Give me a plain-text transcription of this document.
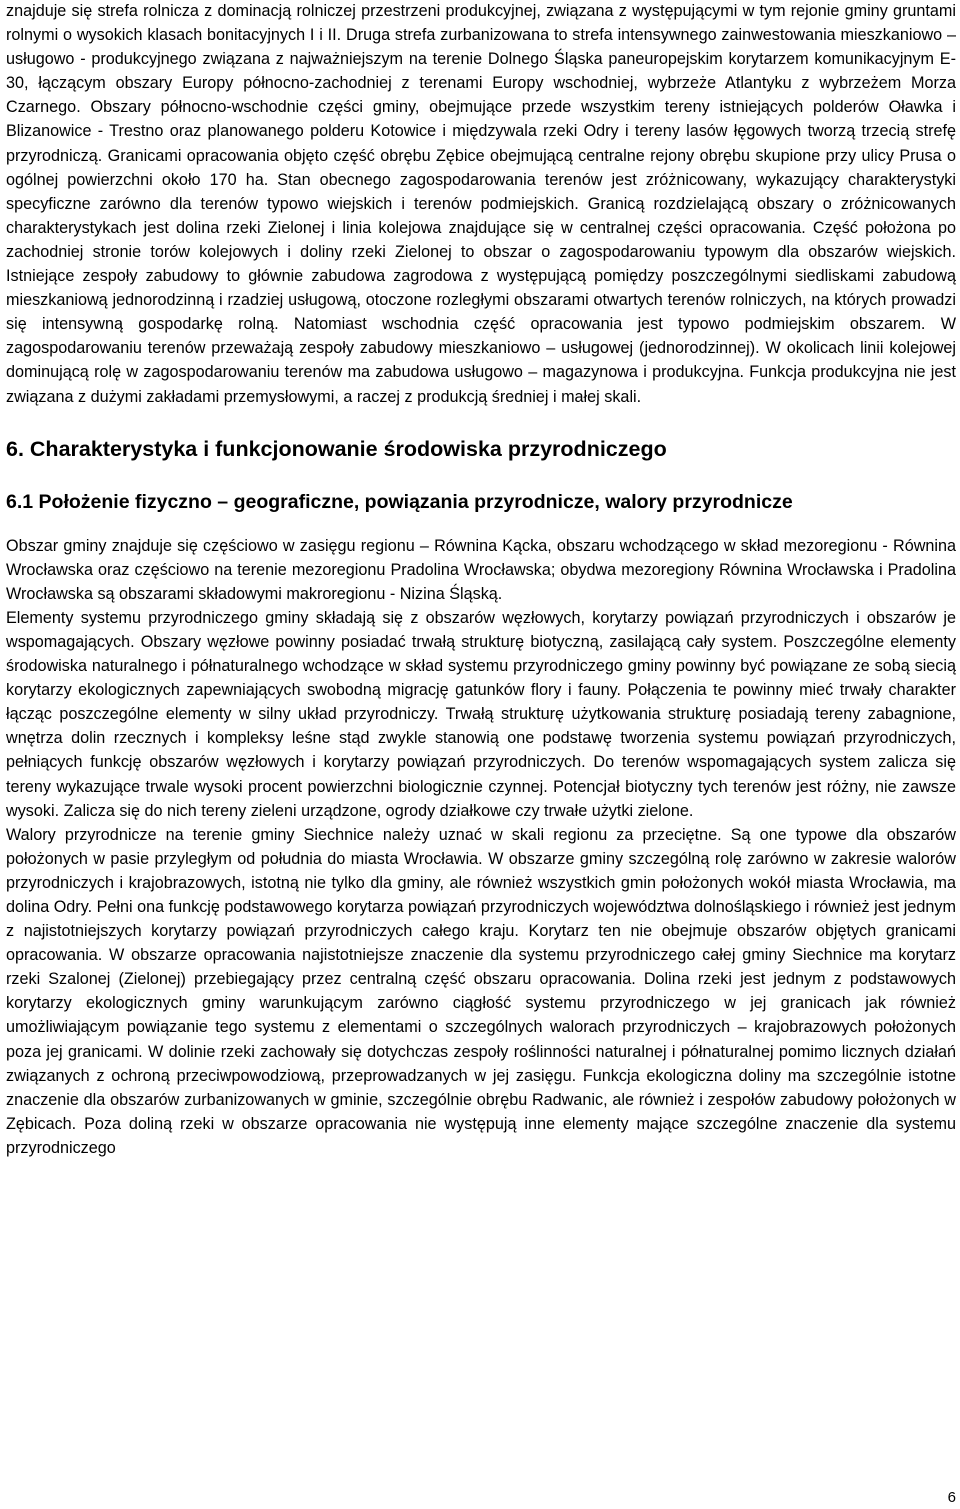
znajduje się strefa rolnicza z dominacją rolniczej przestrzeni produkcyjnej, związana z występującymi w tym rejonie gminy gruntami rolnymi o wysokich klasach bonitacyjnych I i II. Druga strefa zurbanizowana to strefa intensywnego zainwestowania mieszkaniowo – usługowo - produkcyjnego związana z najważniejszym na terenie Dolnego Śląska paneuropejskim korytarzem komunikacyjnym E-30, łączącym obszary Europy północno-zachodniej z terenami Europy wschodniej, wybrzeże Atlantyku z wybrzeżem Morza Czarnego. Obszary północno-wschodnie części gminy, obejmujące przede wszystkim tereny istniejących polderów Oławka i Blizanowice - Trestno oraz planowanego polderu Kotowice i międzywala rzeki Odry i tereny lasów łęgowych tworzą trzecią strefę przyrodniczą. Granicami opracowania objęto część obrębu Zębice obejmującą centralne rejony obrębu skupione przy ulicy Prusa o ogólnej powierzchni około 170 ha. Stan obecnego zagospodarowania terenów jest zróżnicowany, wykazujący charakterystyki specyficzne zarówno dla terenów typowo wiejskich i terenów podmiejskich. Granicą rozdzielającą obszary o zróżnicowanych charakterystykach jest dolina rzeki Zielonej i linia kolejowa znajdujące się w centralnej części opracowania. Część położona po zachodniej stronie torów kolejowych i doliny rzeki Zielonej to obszar o zagospodarowaniu typowym dla obszarów wiejskich. Istniejące zespoły zabudowy to głównie zabudowa zagrodowa z występującą pomiędzy poszczególnymi siedliskami zabudową mieszkaniową jednorodzinną i rzadziej usługową, otoczone rozległymi obszarami otwartych terenów rolniczych, na których prowadzi się intensywną gospodarkę rolną. Natomiast wschodnia część opracowania jest typowo podmiejskim obszarem. W zagospodarowaniu terenów przeważają zespoły zabudowy mieszkaniowo – usługowej (jednorodzinnej). W okolicach linii kolejowej dominującą rolę w zagospodarowaniu terenów ma zabudowa usługowo – magazynowa i produkcyjna. Funkcja produkcyjna nie jest związana z dużymi zakładami przemysłowymi, a raczej z produkcją średniej i małej skali.

6. Charakterystyka i funkcjonowanie środowiska przyrodniczego
6.1 Położenie fizyczno – geograficzne, powiązania przyrodnicze, walory przyrodnicze

Obszar gminy znajduje się częściowo w zasięgu regionu – Równina Kącka, obszaru wchodzącego w skład mezoregionu - Równina Wrocławska oraz częściowo na terenie mezoregionu Pradolina Wrocławska; obydwa mezoregiony Równina Wrocławska i Pradolina Wrocławska są obszarami składowymi makroregionu - Nizina Śląską.

Elementy systemu przyrodniczego gminy składają się z obszarów węzłowych, korytarzy powiązań przyrodniczych i obszarów je wspomagających. Obszary węzłowe powinny posiadać trwałą strukturę biotyczną, zasilającą cały system. Poszczególne elementy środowiska naturalnego i półnaturalnego wchodzące w skład systemu przyrodniczego gminy powinny być powiązane ze sobą siecią korytarzy ekologicznych zapewniających swobodną migrację gatunków flory i fauny. Połączenia te powinny mieć trwały charakter łącząc poszczególne elementy w silny układ przyrodniczy. Trwałą strukturę użytkowania strukturę posiadają tereny zabagnione, wnętrza dolin rzecznych i kompleksy leśne stąd zwykle stanowią one podstawę tworzenia systemu powiązań przyrodniczych, pełniących funkcję obszarów węzłowych i korytarzy powiązań przyrodniczych. Do terenów wspomagających system zalicza się tereny wykazujące trwale wysoki procent powierzchni biologicznie czynnej. Potencjał biotyczny tych terenów jest różny, nie zawsze wysoki. Zalicza się do nich tereny zieleni urządzone, ogrody działkowe czy trwałe użytki zielone.

Walory przyrodnicze na terenie gminy Siechnice należy uznać w skali regionu za przeciętne. Są one typowe dla obszarów położonych w pasie przyległym od południa do miasta Wrocławia. W obszarze gminy szczególną rolę zarówno w zakresie walorów przyrodniczych i krajobrazowych, istotną nie tylko dla gminy, ale również wszystkich gmin położonych wokół miasta Wrocławia, ma dolina Odry. Pełni ona funkcję podstawowego korytarza powiązań przyrodniczych województwa dolnośląskiego i również jest jednym z najistotniejszych korytarzy powiązań przyrodniczych całego kraju. Korytarz ten nie obejmuje obszarów objętych granicami opracowania. W obszarze opracowania najistotniejsze znaczenie dla systemu przyrodniczego całej gminy Siechnice ma korytarz rzeki Szalonej (Zielonej) przebiegający przez centralną część obszaru opracowania. Dolina rzeki jest jednym z podstawowych korytarzy ekologicznych gminy warunkującym zarówno ciągłość systemu przyrodniczego w jej granicach jak również umożliwiającym powiązanie tego systemu z elementami o szczególnych walorach przyrodniczych – krajobrazowych położonych poza jej granicami. W dolinie rzeki zachowały się dotychczas zespoły roślinności naturalnej i półnaturalnej pomimo licznych działań związanych z ochroną przeciwpowodziową, przeprowadzanych w jej zasięgu. Funkcja ekologiczna doliny ma szczególnie istotne znaczenie dla obszarów zurbanizowanych w gminie, szczególnie obrębu Radwanic, ale również i zespołów zabudowy położonych w Zębicach. Poza doliną rzeki w obszarze opracowania nie występują inne elementy mające szczególne znaczenie dla systemu przyrodniczego

6
